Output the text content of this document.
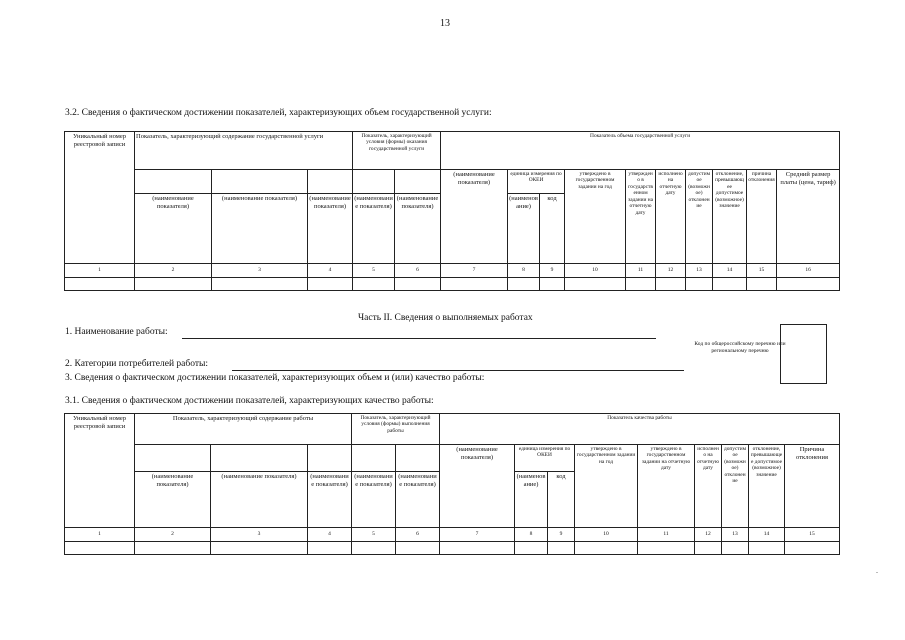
13
3.2. Сведения о фактическом достижении показателей, характеризующих объем государственной услуги:
Уникальный номер реестровой записи	Показатель, характеризующий содержание государственной услуги			Показатель, характеризующий условия (формы) оказания государственной услуги		Показатель объема государственной услуги									
						(наименование показателя)	единица измерения по ОКЕИ		утверждено в государственном задании на год	утверждено в государственном задании на отчетную дату	исполнено на отчетную дату	допустимое (возможное) отклонение	отклонение, превышающее допустимое (возможное) значение	причина отклонения	Средний размер платы (цена, тариф)
	(наименование показателя)	(наименование показателя)	(наименование показателя)	(наименование показателя)	(наименование показателя)		(наименование)	код							
1	2	3	4	5	6	7	8	9	10	11	12	13	14	15	16

Часть II. Сведения о выполняемых работах
1. Наименование работы:
Код по общероссийскому перечню или региональному перечню
2. Категории потребителей работы:
3. Сведения о фактическом достижении показателей, характеризующих объем и (или) качество работы:
3.1. Сведения о фактическом достижении показателей, характеризующих качество работы:
Уникальный номер реестровой записи	Показатель, характеризующий содержание работы			Показатель, характеризующий условия (формы) выполнения работы		Показатель качества работы								
						(наименование показателя)	единица измерения по ОКЕИ		утверждено в государственном задании на год	утверждено в государственном задании на отчетную дату	исполнено на отчетную дату	допустимое (возможное) отклонение	отклонение, превышающее допустимое (возможное) значение	Причина отклонения
	(наименование показателя)	(наименование показателя)	(наименование показателя)	(наименование показателя)	(наименование показателя)		(наименование)	код						
1	2	3	4	5	6	7	8	9	10	11	12	13	14	15
